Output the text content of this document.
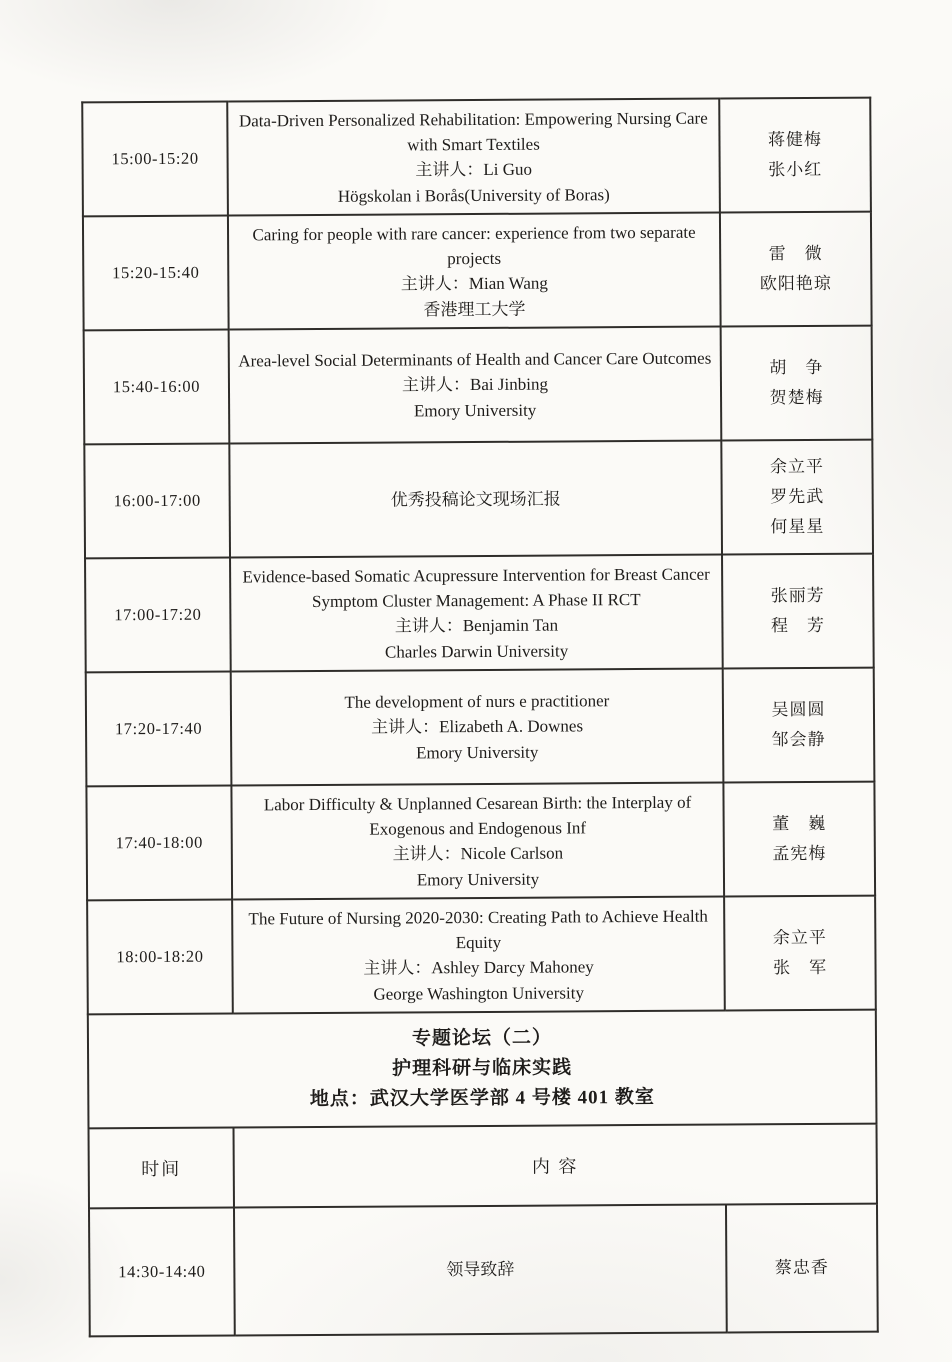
15:00-15:20

Data-Driven Personalized Rehabilitation: Empowering Nursing Care with Smart Textiles
主讲人：Li Guo
Högskolan i Borås(University of Boras)

蒋健梅
张小红

15:20-15:40

Caring for people with rare cancer: experience from two separate projects
主讲人：Mian Wang
香港理工大学

雷　微
欧阳艳琼

15:40-16:00

Area-level Social Determinants of Health and Cancer Care Outcomes
主讲人：Bai Jinbing
Emory University

胡　争
贺楚梅

16:00-17:00	优秀投稿论文现场汇报	余立平
罗先武
何星星

17:00-17:20

Evidence-based Somatic Acupressure Intervention for Breast Cancer Symptom Cluster Management: A Phase II RCT
主讲人：Benjamin Tan
Charles Darwin University

张丽芳
程　芳

17:20-17:40

The development of nurs e practitioner
主讲人：Elizabeth A. Downes
Emory University

吴圆圆
邹会静

17:40-18:00

Labor Difficulty & Unplanned Cesarean Birth: the Interplay of Exogenous and Endogenous Inf
主讲人：Nicole Carlson
Emory University

董　巍
孟宪梅

18:00-18:20

The Future of Nursing 2020-2030: Creating Path to Achieve Health Equity
主讲人：Ashley Darcy Mahoney
George Washington University

余立平
张　军

专题论坛（二）
护理科研与临床实践
地点：武汉大学医学部 4 号楼 401 教室		

时间	内 容	

14:30-14:40	领导致辞	蔡忠香
